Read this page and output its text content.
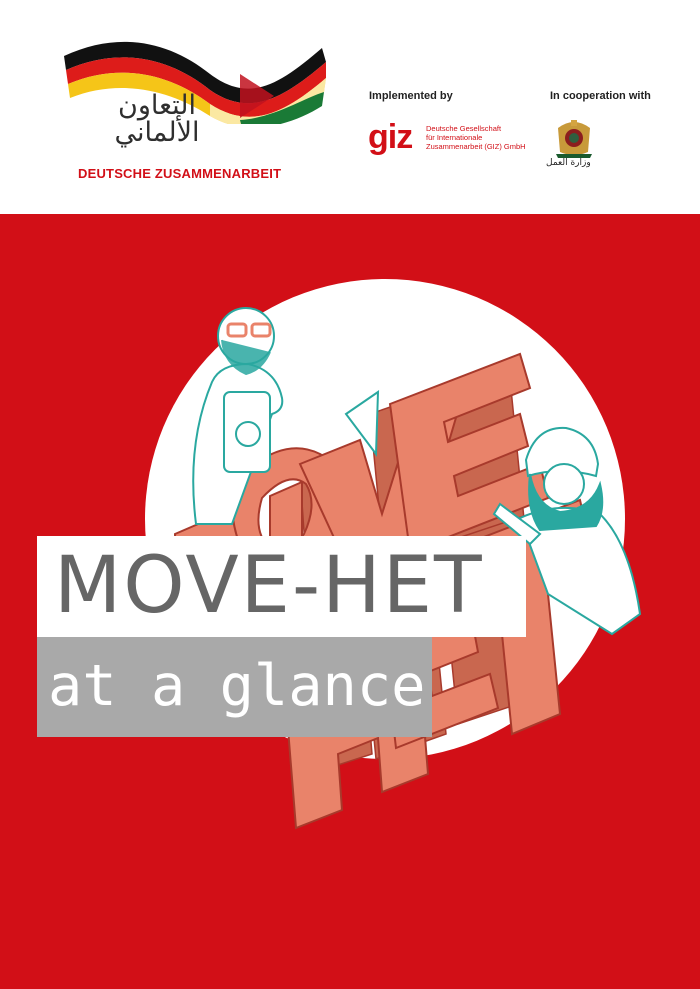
التعاون
الألماني
DEUTSCHE ZUSAMMENARBEIT
Implemented by
giz Deutsche Gesellschaft
für Internationale
Zusammenarbeit (GIZ) GmbH
In cooperation with
وزارة العمل
MOVE-HET
at a glance
